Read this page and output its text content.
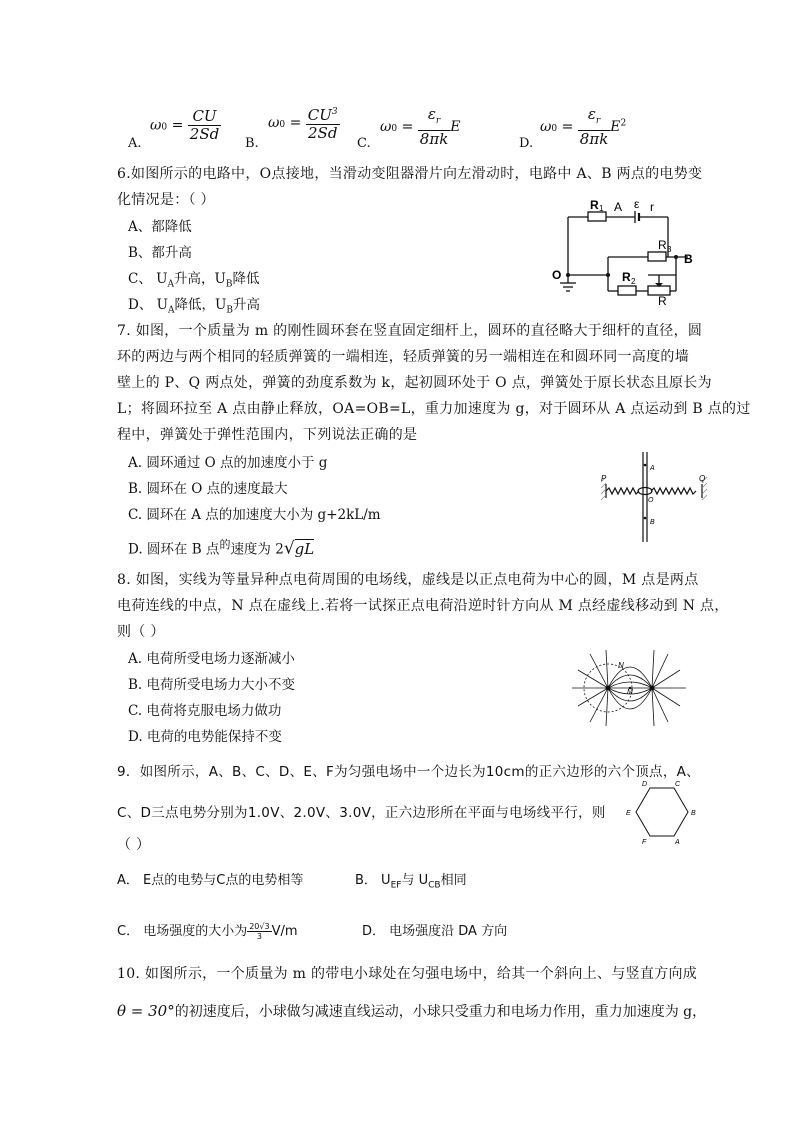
A.
$\omega 0 = \frac{CU}{2Sd}$
B.
$\omega 0 = \frac{CU^3}{2Sd}$
C.
$\omega 0 = \frac{\varepsilon_r}{8\pi k}$ E
D.
$\omega 0 = \frac{\varepsilon_r}{8\pi k} E^2$
6.如图所示的电路中，O点接地，当滑动变阻器滑片向左滑动时，电路中 A、B 两点的电势变
化情况是：（ ）
A、都降低
B、都升高
C、 $U_A$升高，$U_B$降低
D、 $U_A$降低，$U_B$升高
R 1 A ε r
R 3
B
O	R 2
R
7. 如图，一个质量为 m 的刚性圆环套在竖直固定细杆上，圆环的直径略大于细杆的直径，圆
环的两边与两个相同的轻质弹簧的一端相连，轻质弹簧的另一端相连在和圆环同一高度的墙
壁上的 P、Q 两点处，弹簧的劲度系数为 k，起初圆环处于 O 点，弹簧处于原长状态且原长为
L；将圆环拉至 A 点由静止释放，OA=OB=L，重力加速度为 g，对于圆环从 A 点运动到 B 点的过
程中，弹簧处于弹性范围内，下列说法正确的是
A. 圆环通过 O 点的加速度小于 g
B. 圆环在 O 点的速度最大
C. 圆环在 A 点的加速度大小为 g+2kL/m
D. 圆环在 B 点$^的$速度为 2√gL
P	Q
A
O
B
8. 如图，实线为等量异种点电荷周围的电场线，虚线是以正点电荷为中心的圆，M 点是两点
电荷连线的中点，N 点在虚线上.若将一试探正点电荷沿逆时针方向从 M 点经虚线移动到 N 点，
则（ ）
A. 电荷所受电场力逐渐减小
B. 电荷所受电场力大小不变
C. 电荷将克服电场力做功
D. 电荷的电势能保持不变
N
M
9．如图所示，A、B、C、D、E、F为匀强电场中一个边长为10cm的正六边形的六个顶点，A、
C、D三点电势分别为1.0V、2.0V、3.0V，正六边形所在平面与电场线平行，则
（ ）
A． E点的电势与C点的电势相等	B． $U_{EF}$与 $U_{CB}$相同
C． 电场强度的大小为 $\frac{20√3}{3} V/m$	D． 电场强度沿 DA 方向
D	C
E	B
F	A
10. 如图所示，一个质量为 m 的带电小球处在匀强电场中，给其一个斜向上、与竖直方向成
θ = 30°的初速度后，小球做匀减速直线运动，小球只受重力和电场力作用，重力加速度为 g，
